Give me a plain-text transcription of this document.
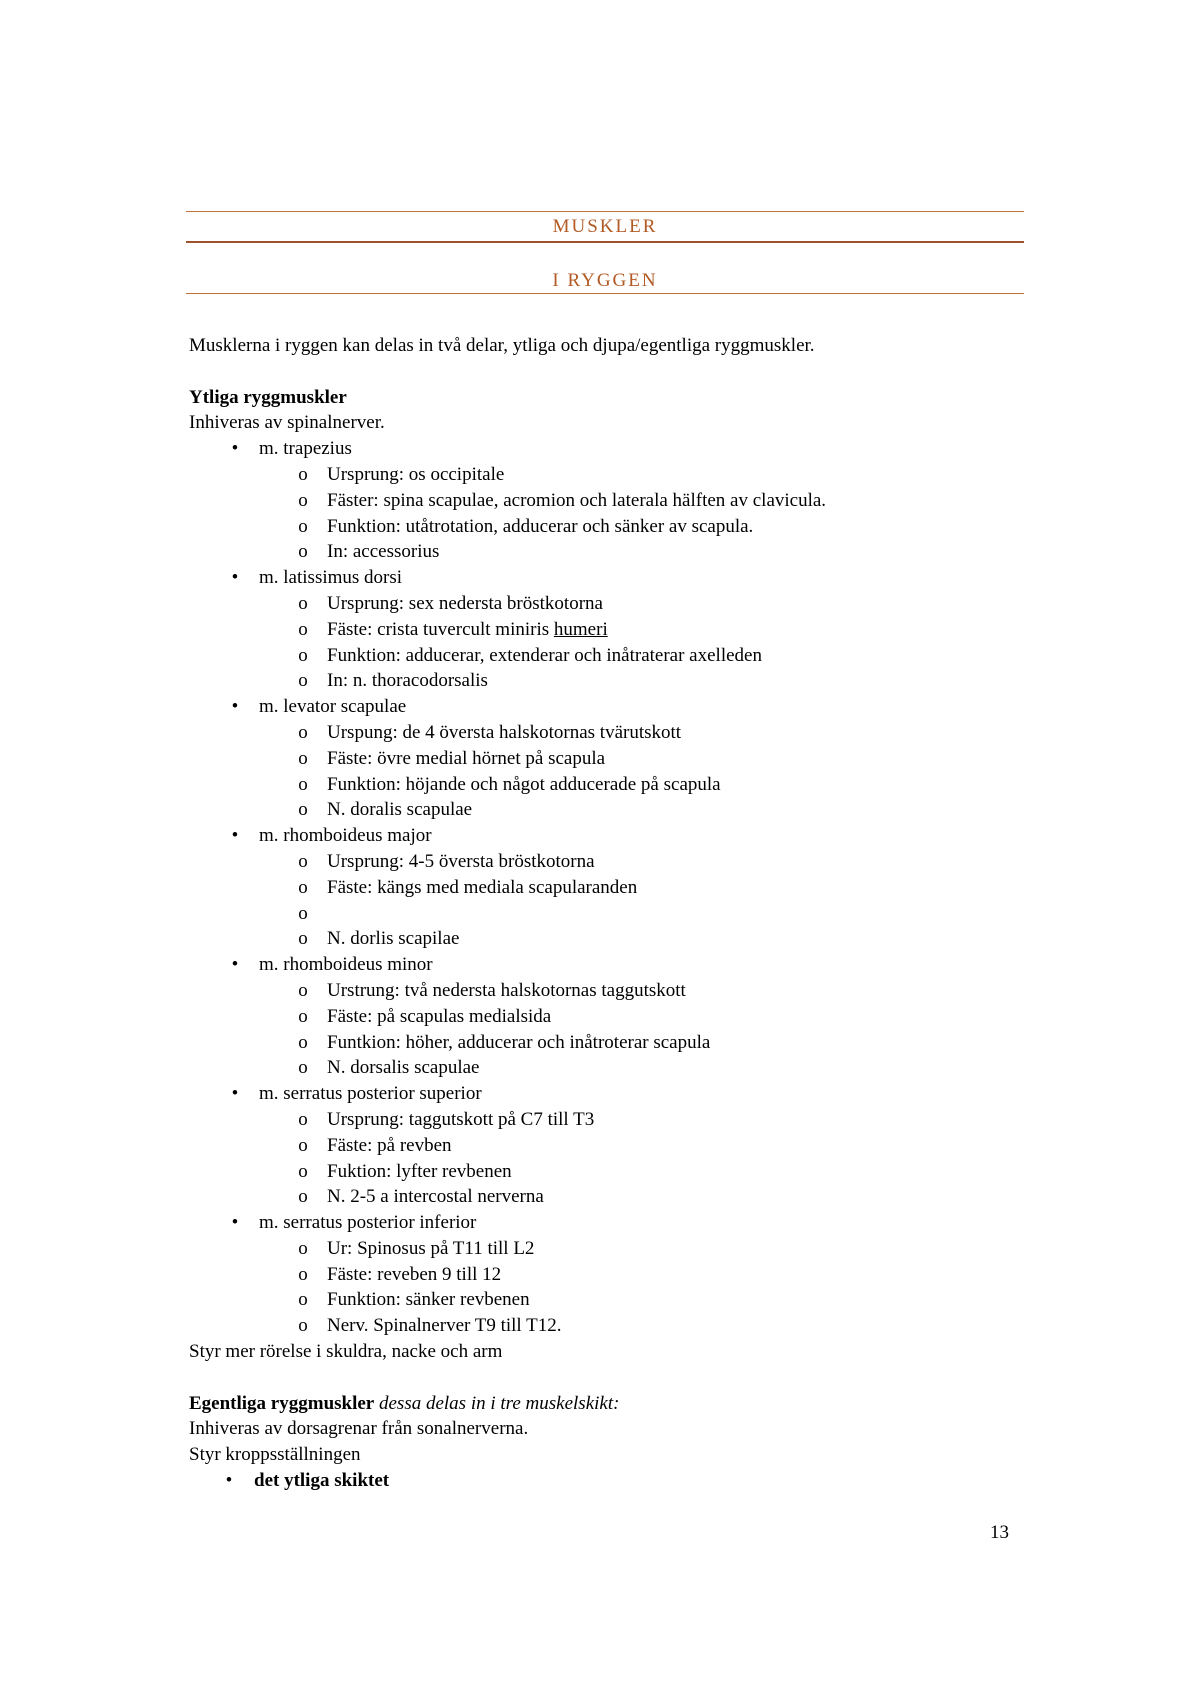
MUSKLER
I RYGGEN

Musklerna i ryggen kan delas in två delar, ytliga och djupa/egentliga ryggmuskler.

Ytliga ryggmuskler

Inhiveras av spinalnerver.

•	m. trapezius
o Ursprung: os occipitale
o Fäster: spina scapulae, acromion och laterala hälften av clavicula.
o Funktion: utåtrotation, adducerar och sänker av scapula.
o In: accessorius
•	m. latissimus dorsi
o Ursprung: sex nedersta bröstkotorna
o Fäste: crista tuvercult miniris humeri
o Funktion: adducerar, extenderar och inåtraterar axelleden
o In: n. thoracodorsalis
•	m. levator scapulae
o Urspung: de 4 översta halskotornas tvärutskott
o Fäste: övre medial hörnet på scapula
o Funktion: höjande och något adducerade på scapula
o N. doralis scapulae
•	m. rhomboideus major
o Ursprung: 4-5 översta bröstkotorna
o Fäste: kängs med mediala scapularanden
o
o N. dorlis scapilae
•	m. rhomboideus minor
o Urstrung: två nedersta halskotornas taggutskott
o Fäste: på scapulas medialsida
o Funtkion: höher, adducerar och inåtroterar scapula
o N. dorsalis scapulae
•	m. serratus posterior superior
o Ursprung: taggutskott på C7 till T3
o Fäste: på revben
o Fuktion: lyfter revbenen
o N. 2-5 a intercostal nerverna
•	m. serratus posterior inferior
o Ur: Spinosus på T11 till L2
o Fäste: reveben 9 till 12
o Funktion: sänker revbenen
o Nerv. Spinalnerver T9 till T12.

Styr mer rörelse i skuldra, nacke och arm

Egentliga ryggmuskler dessa delas in i tre muskelskikt:

Inhiveras av dorsagrenar från sonalnerverna.

Styr kroppsställningen

•	det ytliga skiktet
13
